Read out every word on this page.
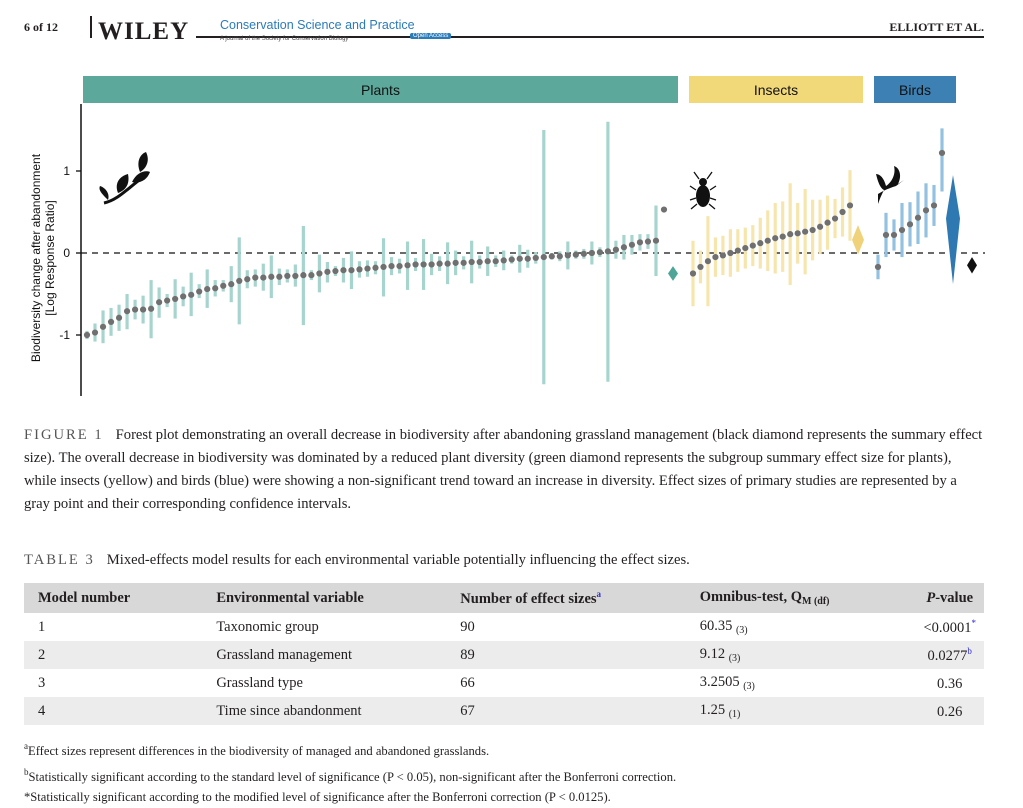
6 of 12 WILEY Conservation Science and Practice
A journal of the Society for Conservation Biology	Open Access
ELLIOTT ET AL.
Plants	Insects	Birds
1
0
-1
Biodiversity change after abandonment [Log Response Ratio]
FIGURE 1 Forest plot demonstrating an overall decrease in biodiversity after abandoning grassland management (black diamond represents the summary effect size). The overall decrease in biodiversity was dominated by a reduced plant diversity (green diamond represents the subgroup summary effect size for plants), while insects (yellow) and birds (blue) were showing a non-significant trend toward an increase in diversity. Effect sizes of primary studies are represented by a gray point and their corresponding confidence intervals.
TABLE 3 Mixed-effects model results for each environmental variable potentially influencing the effect sizes.
Model number	Environmental variable	Number of effect sizes$^a$	Omnibus-test, $Q_{M (df)}$	P-value
1	Taxonomic group	90	60.35 $_{(3)}$	<0.0001*
2	Grassland management	89	9.12 $_{(3)}$	0.0277$^b$
3	Grassland type	66	3.2505 $_{(3)}$	0.36
4	Time since abandonment	67	1.25 $_{(1)}$	0.26
$^a$Effect sizes represent differences in the biodiversity of managed and abandoned grasslands.
$^b$Statistically significant according to the standard level of significance (P < 0.05), non-significant after the Bonferroni correction.
*Statistically significant according to the modified level of significance after the Bonferroni correction (P < 0.0125).
